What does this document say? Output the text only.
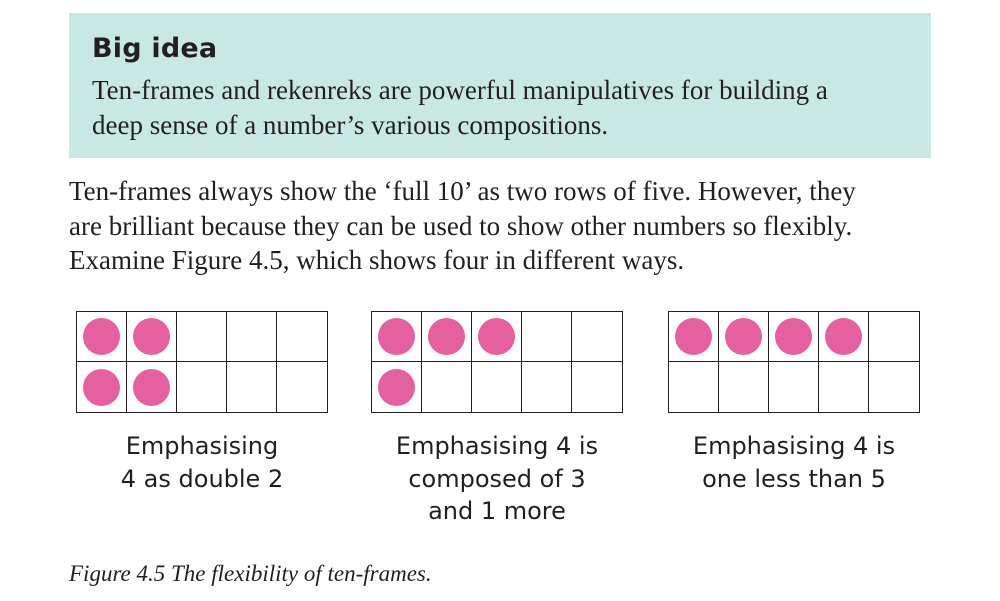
Big idea

Ten-frames and rekenreks are powerful manipulatives for building a
deep sense of a number’s various compositions.

Ten-frames always show the ‘full 10’ as two rows of five. However, they
are brilliant because they can be used to show other numbers so flexibly.
Examine Figure 4.5, which shows four in different ways.

Emphasising
4 as double 2
Emphasising 4 is
composed of 3
and 1 more
Emphasising 4 is
one less than 5

Figure 4.5 The flexibility of ten-frames.
